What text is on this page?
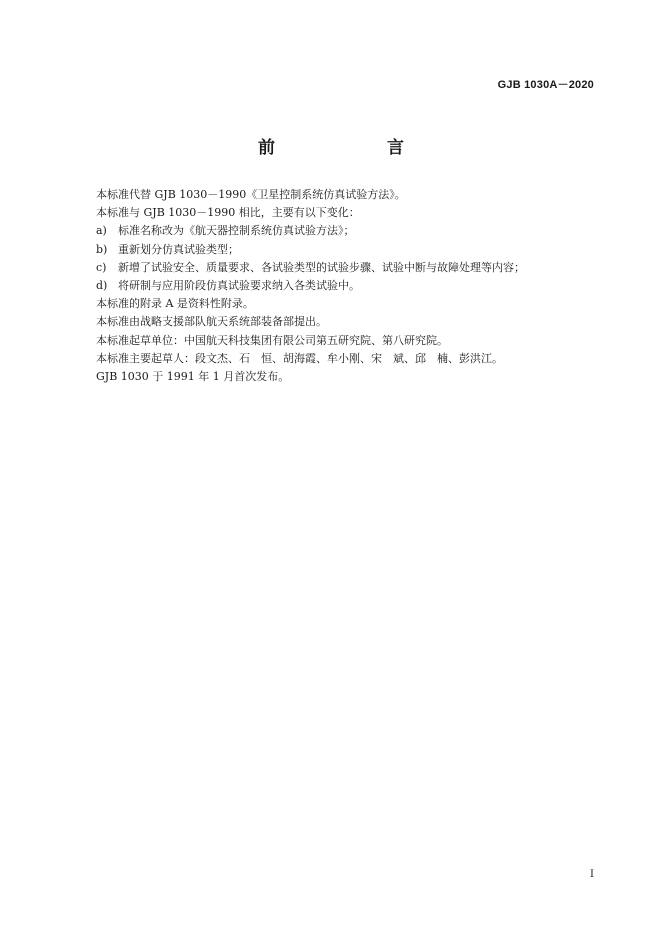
GJB 1030A－2020
前　　言

本标准代替 GJB 1030－1990《卫星控制系统仿真试验方法》。

本标准与 GJB 1030－1990 相比，主要有以下变化：

a) 标准名称改为《航天器控制系统仿真试验方法》；

b) 重新划分仿真试验类型；

c) 新增了试验安全、质量要求、各试验类型的试验步骤、试验中断与故障处理等内容；

d) 将研制与应用阶段仿真试验要求纳入各类试验中。

本标准的附录 A 是资料性附录。

本标准由战略支援部队航天系统部装备部提出。

本标准起草单位：中国航天科技集团有限公司第五研究院、第八研究院。

本标准主要起草人：段文杰、石　恒、胡海霞、牟小刚、宋　斌、邱　楠、彭洪江。

GJB 1030 于 1991 年 1 月首次发布。

I
